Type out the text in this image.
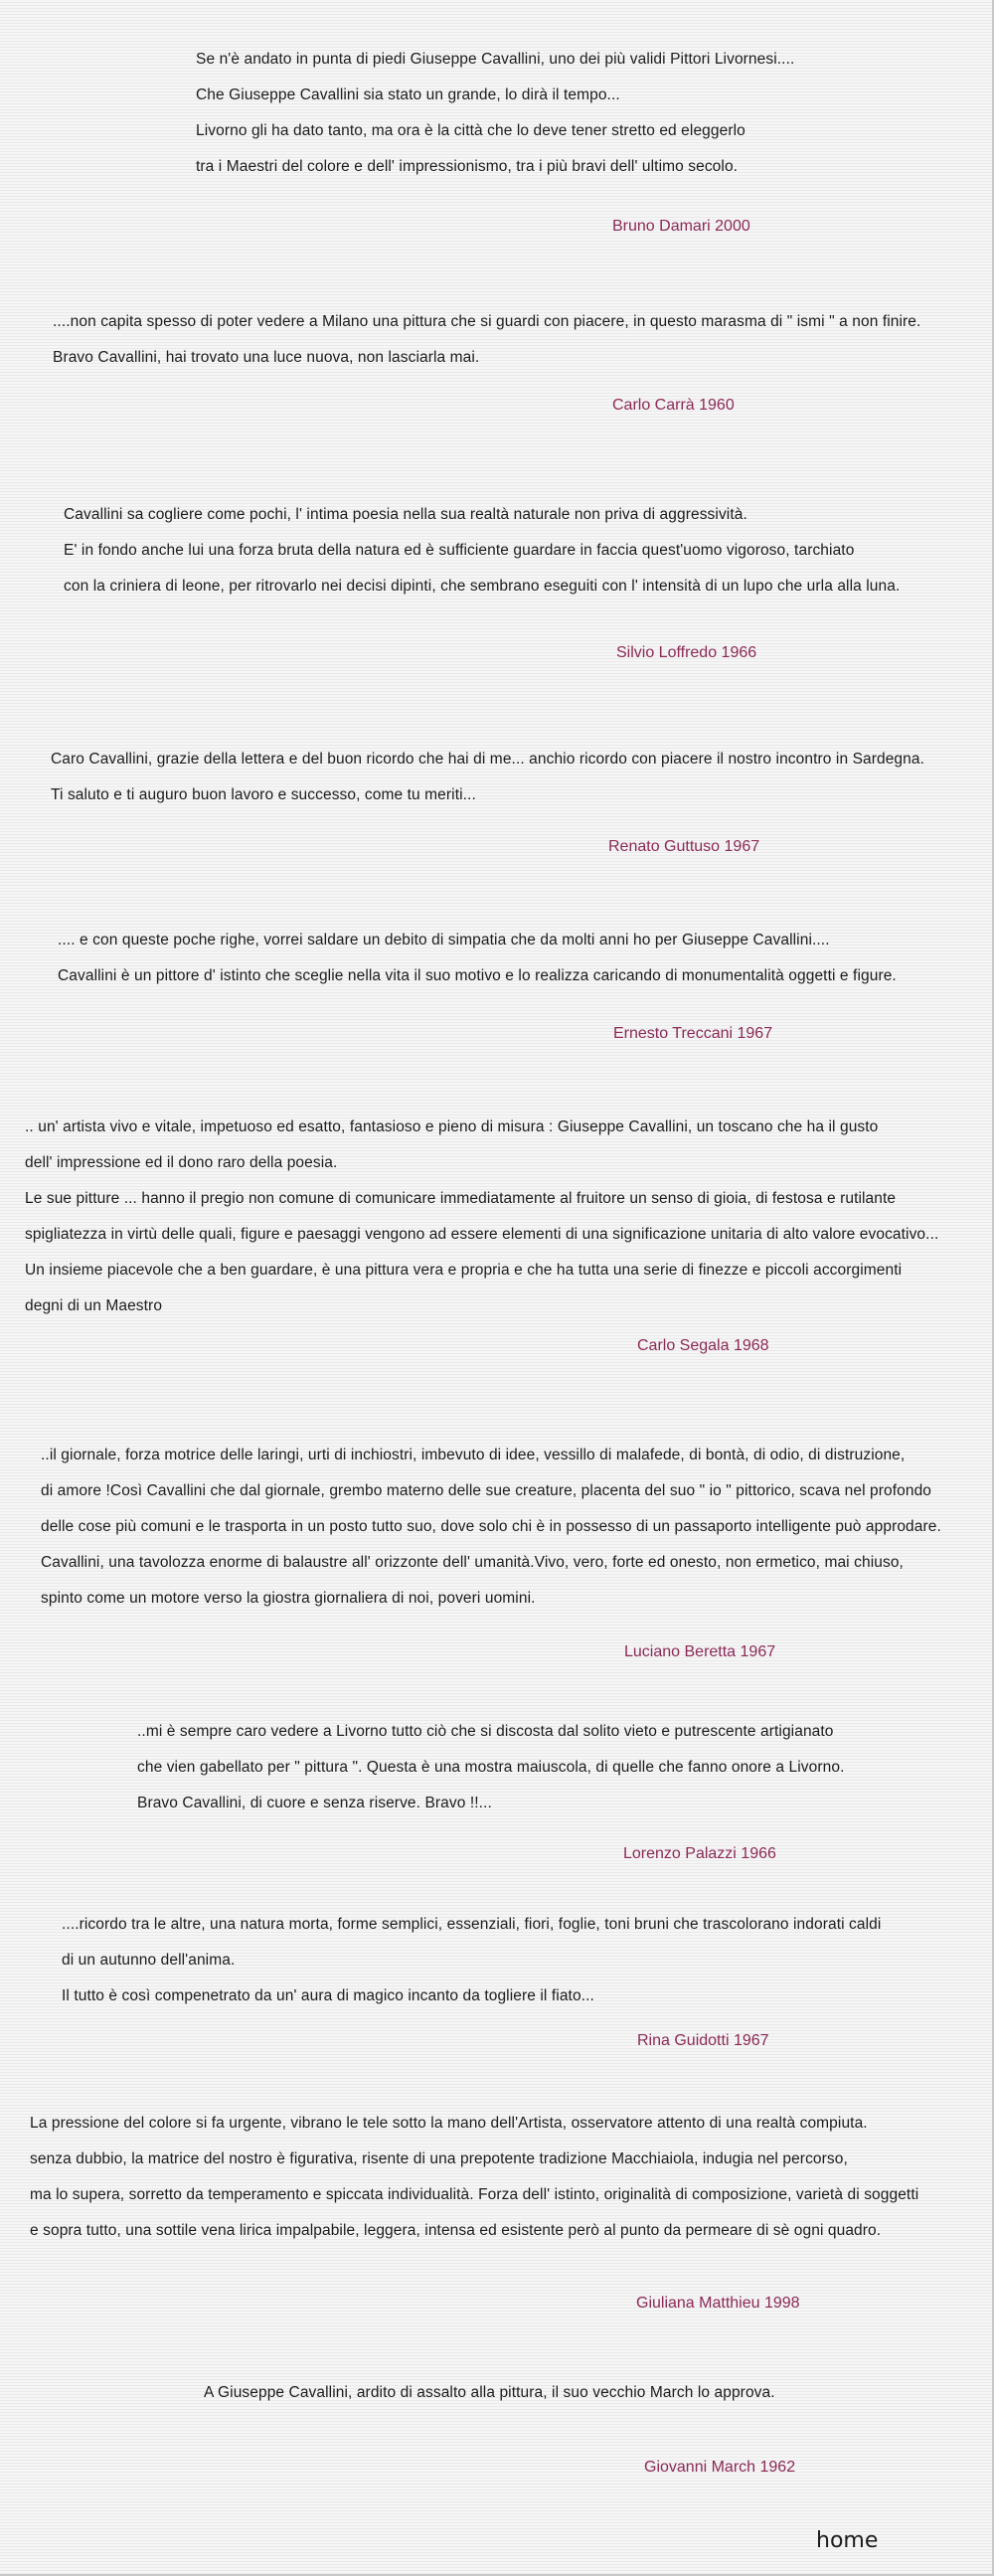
Se n'è andato in punta di piedi Giuseppe Cavallini, uno dei più validi Pittori Livornesi....
Che Giuseppe Cavallini sia stato un grande, lo dirà il tempo...
Livorno gli ha dato tanto, ma ora è la città che lo deve tener stretto ed eleggerlo
tra i Maestri del colore e dell' impressionismo, tra i più bravi dell' ultimo secolo.
Bruno Damari 2000
....non capita spesso di poter vedere a Milano una pittura che si guardi con piacere, in questo marasma di " ismi " a non finire.
Bravo Cavallini, hai trovato una luce nuova, non lasciarla mai.
Carlo Carrà 1960
Cavallini sa cogliere come pochi, l' intima poesia nella sua realtà naturale non priva di aggressività.
E' in fondo anche lui una forza bruta della natura ed è sufficiente guardare in faccia quest'uomo vigoroso, tarchiato
con la criniera di leone, per ritrovarlo nei decisi dipinti, che sembrano eseguiti con l' intensità di un lupo che urla alla luna.
Silvio Loffredo 1966
Caro Cavallini, grazie della lettera e del buon ricordo che hai di me... anchio ricordo con piacere il nostro incontro in Sardegna.
Ti saluto e ti auguro buon lavoro e successo, come tu meriti...
Renato Guttuso 1967
.... e con queste poche righe, vorrei saldare un debito di simpatia che da molti anni ho per Giuseppe Cavallini....
Cavallini è un pittore d' istinto che sceglie nella vita il suo motivo e lo realizza caricando di monumentalità oggetti e figure.
Ernesto Treccani 1967
.. un' artista vivo e vitale, impetuoso ed esatto, fantasioso e pieno di misura : Giuseppe Cavallini, un toscano che ha il gusto
dell' impressione ed il dono raro della poesia.
Le sue pitture ... hanno il pregio non comune di comunicare immediatamente al fruitore un senso di gioia, di festosa e rutilante
spigliatezza in virtù delle quali, figure e paesaggi vengono ad essere elementi di una significazione unitaria di alto valore evocativo...
Un insieme piacevole che a ben guardare, è una pittura vera e propria e che ha tutta una serie di finezze e piccoli accorgimenti
degni di un Maestro
Carlo Segala 1968
..il giornale, forza motrice delle laringi, urti di inchiostri, imbevuto di idee, vessillo di malafede, di bontà, di odio, di distruzione,
di amore !Così Cavallini che dal giornale, grembo materno delle sue creature, placenta del suo " io " pittorico, scava nel profondo
delle cose più comuni e le trasporta in un posto tutto suo, dove solo chi è in possesso di un passaporto intelligente può approdare.
Cavallini, una tavolozza enorme di balaustre all' orizzonte dell' umanità.Vivo, vero, forte ed onesto, non ermetico, mai chiuso,
spinto come un motore verso la giostra giornaliera di noi, poveri uomini.
Luciano Beretta 1967
..mi è sempre caro vedere a Livorno tutto ciò che si discosta dal solito vieto e putrescente artigianato
che vien gabellato per " pittura ". Questa è una mostra maiuscola, di quelle che fanno onore a Livorno.
Bravo Cavallini, di cuore e senza riserve. Bravo !!...
Lorenzo Palazzi 1966
....ricordo tra le altre, una natura morta, forme semplici, essenziali, fiori, foglie, toni bruni che trascolorano indorati caldi
di un autunno dell'anima.
Il tutto è così compenetrato da un' aura di magico incanto da togliere il fiato...
Rina Guidotti 1967
La pressione del colore si fa urgente, vibrano le tele sotto la mano dell'Artista, osservatore attento di una realtà compiuta.
senza dubbio, la matrice del nostro è figurativa, risente di una prepotente tradizione Macchiaiola, indugia nel percorso,
ma lo supera, sorretto da temperamento e spiccata individualità. Forza dell' istinto, originalità di composizione, varietà di soggetti
e sopra tutto, una sottile vena lirica impalpabile, leggera, intensa ed esistente però al punto da permeare di sè ogni quadro.
Giuliana Matthieu 1998
A Giuseppe Cavallini, ardito di assalto alla pittura, il suo vecchio March lo approva.
Giovanni March 1962
home
